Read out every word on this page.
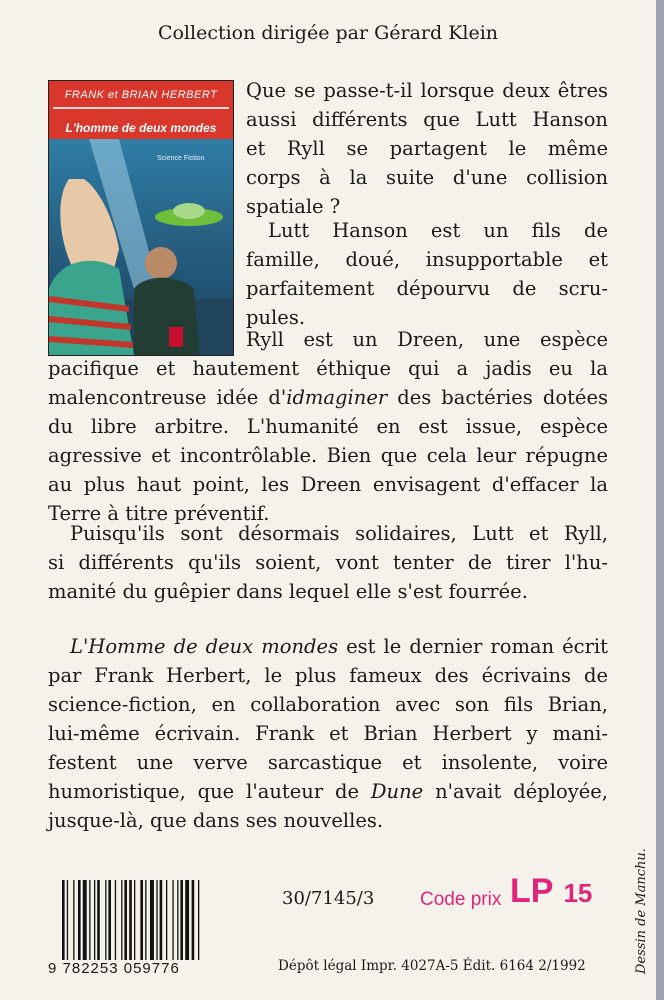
Collection dirigée par Gérard Klein
FRANK et BRIAN HERBERT
L'homme de deux mondes
Science Fiction
Que se passe-t-il lorsque deux êtres
aussi différents que Lutt Hanson
et Ryll se partagent le même
corps à la suite d'une collision
spatiale ?
Lutt Hanson est un fils de
famille, doué, insupportable et
parfaitement dépourvu de scru-
pules.
Ryll est un Dreen, une espèce
pacifique et hautement éthique qui a jadis eu la
malencontreuse idée d'idmaginer des bactéries dotées
du libre arbitre. L'humanité en est issue, espèce
agressive et incontrôlable. Bien que cela leur répugne
au plus haut point, les Dreen envisagent d'effacer la
Terre à titre préventif.
Puisqu'ils sont désormais solidaires, Lutt et Ryll,
si différents qu'ils soient, vont tenter de tirer l'hu-
manité du guêpier dans lequel elle s'est fourrée.
L'Homme de deux mondes est le dernier roman écrit
par Frank Herbert, le plus fameux des écrivains de
science-fiction, en collaboration avec son fils Brian,
lui-même écrivain. Frank et Brian Herbert y mani-
festent une verve sarcastique et insolente, voire
humoristique, que l'auteur de Dune n'avait déployée,
jusque-là, que dans ses nouvelles.
9 782253 059776
30/7145/3 Code prix LP 15
Dépôt légal Impr. 4027A-5 Édit. 6164 2/1992	Dessin de Manchu.
